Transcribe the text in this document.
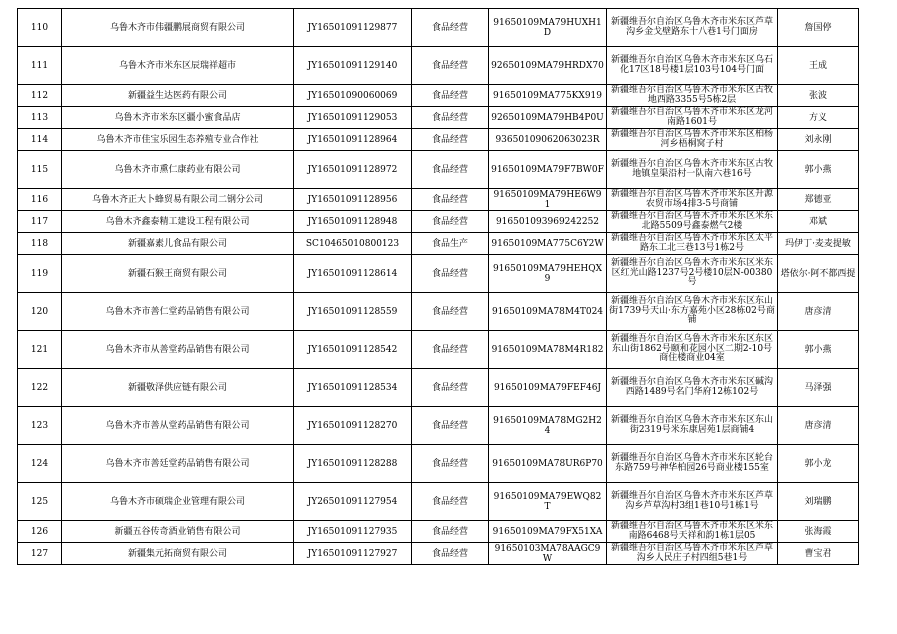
110	乌鲁木齐市伟疆鹏展商贸有限公司	JY16501091129877	食品经营	91650109MA79HUXH1D	新疆维吾尔自治区乌鲁木齐市米东区芦草沟乡金戈壁路东十八巷1号门面房	詹国停
111	乌鲁木齐市米东区辰瑞祥超市	JY16501091129140	食品经营	92650109MA79HRDX70	新疆维吾尔自治区乌鲁木齐市米东区乌石化17区18号楼1层103号104号门面	王成
112	新疆益生达医药有限公司	JY16501090060069	食品经营	91650109MA775KX919	新疆维吾尔自治区乌鲁木齐市米东区古牧地西路3355号5栋2层	张波
113	乌鲁木齐市米东区疆小蜜食品店	JY16501091129053	食品经营	92650109MA79HB4P0U	新疆维吾尔自治区乌鲁木齐市米东区龙河南路1601号	方义
114	乌鲁木齐市佳宝乐园生态养殖专业合作社	JY16501091128964	食品经营	93650109062063023R	新疆维吾尔自治区乌鲁木齐市米东区柏杨河乡梧桐窝子村	刘永刚
115	乌鲁木齐市熏仁康药业有限公司	JY16501091128972	食品经营	91650109MA79F7BW0F	新疆维吾尔自治区乌鲁木齐市米东区古牧地镇皇渠沿村一队南六巷16号	郭小燕
116	乌鲁木齐正大卜蜂贸易有限公司二钢分公司	JY16501091128956	食品经营	91650109MA79HE6W91	新疆维吾尔自治区乌鲁木齐市米东区升源农贸市场4排3-5号商铺	郑德亚
117	乌鲁木齐鑫泰精工建设工程有限公司	JY16501091128948	食品经营	91650109396924225​2	新疆维吾尔自治区乌鲁木齐市米东区米东北路5509号鑫泰燃气2楼	邓斌
118	新疆嘉素儿食品有限公司	SC10465010800123	食品生产	91650109MA775C6Y2W	新疆维吾尔自治区乌鲁木齐市米东区太平路东工北三巷13号1栋2号	玛伊丁·麦麦提敏
119	新疆石猴王商贸有限公司	JY16501091128614	食品经营	91650109MA79HEHQX9	新疆维吾尔自治区乌鲁木齐市米东区米东区红光山路1237号2号楼10层N-00380号	塔依尔·阿不都西提
120	乌鲁木齐市善仁堂药品销售有限公司	JY16501091128559	食品经营	91650109MA78M4T024	新疆维吾尔自治区乌鲁木齐市米东区东山街1739号天山·东方嘉苑小区28栋02号商铺	唐彦清
121	乌鲁木齐市从善堂药品销售有限公司	JY16501091128542	食品经营	91650109MA78M4R182	新疆维吾尔自治区乌鲁木齐市米东区东区东山街1862号颐和花园小区二期2-10号商住楼商业04室	郭小燕
122	新疆敬泽供应链有限公司	JY16501091128534	食品经营	91650109MA79FEF46J	新疆维吾尔自治区乌鲁木齐市米东区碱沟西路1489号名门华府12栋102号	马泽强
123	乌鲁木齐市善从堂药品销售有限公司	JY16501091128270	食品经营	91650109MA78MG2H24	新疆维吾尔自治区乌鲁木齐市米东区东山街2319号米东康居苑1层商铺4	唐彦清
124	乌鲁木齐市善廷堂药品销售有限公司	JY16501091128288	食品经营	91650109MA78UR6P70	新疆维吾尔自治区乌鲁木齐市米东区轮台东路759号神华柏园26号商业楼155室	郭小龙
125	乌鲁木齐市硕瑞企业管理有限公司	JY26501091127954	食品经营	91650109MA79EWQ82T	新疆维吾尔自治区乌鲁木齐市米东区芦草沟乡芦草沟村3组1巷10号1栋1号	刘瑞鹏
126	新疆五谷传奇酒业销售有限公司	JY16501091127935	食品经营	91650109MA79FX51XA	新疆维吾尔自治区乌鲁木齐市米东区米东南路6468号天祥和韵1栋1层05	张海霞
127	新疆集元拓商贸有限公司	JY16501091127927	食品经营	91650103MA78AAGC9W	新疆维吾尔自治区乌鲁木齐市米东区芦草沟乡人民庄子村四组5巷1号	曹宝君
